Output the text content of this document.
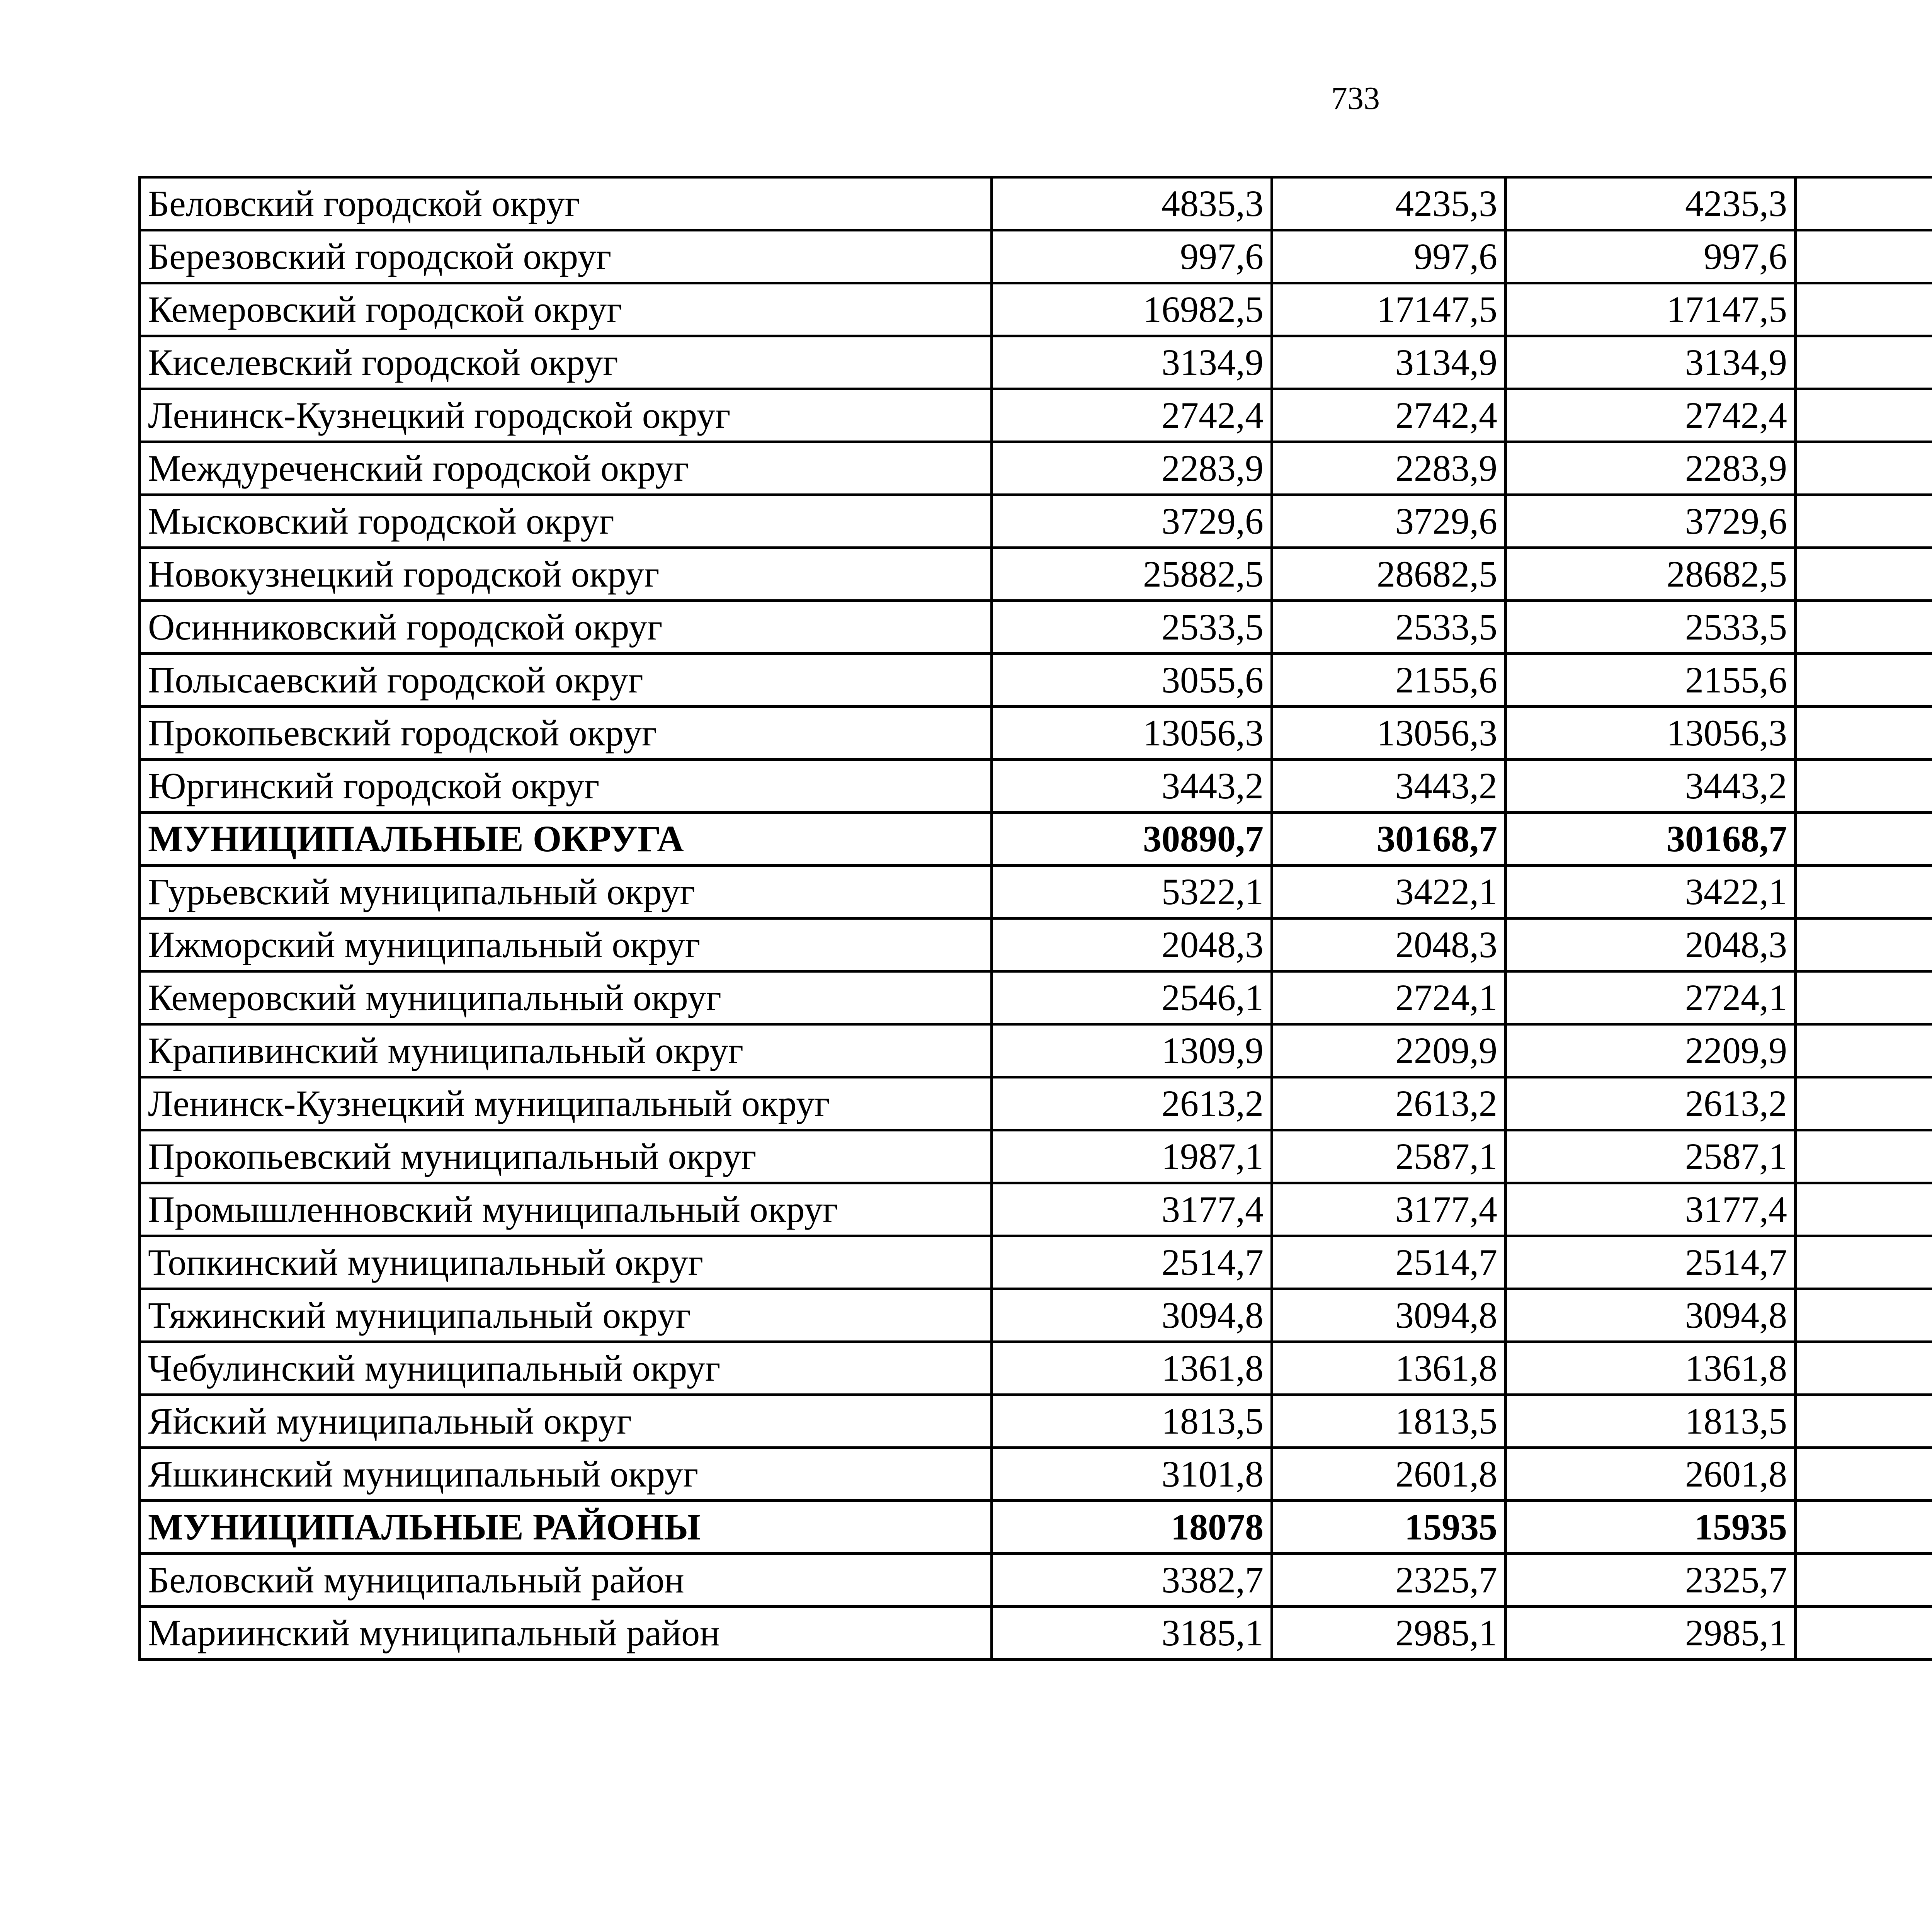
733
Беловский городской округ	4835,3	4235,3	4235,3			
Березовский городской округ	997,6	997,6	997,6			
Кемеровский городской округ	16982,5	17147,5	17147,5			
Киселевский городской округ	3134,9	3134,9	3134,9			
Ленинск-Кузнецкий городской округ	2742,4	2742,4	2742,4			
Междуреченский городской округ	2283,9	2283,9	2283,9			
Мысковский городской округ	3729,6	3729,6	3729,6			
Новокузнецкий городской округ	25882,5	28682,5	28682,5			
Осинниковский городской округ	2533,5	2533,5	2533,5			
Полысаевский городской округ	3055,6	2155,6	2155,6			
Прокопьевский городской округ	13056,3	13056,3	13056,3			
Юргинский городской округ	3443,2	3443,2	3443,2			
МУНИЦИПАЛЬНЫЕ ОКРУГА	30890,7	30168,7	30168,7			
Гурьевский муниципальный округ	5322,1	3422,1	3422,1			
Ижморский муниципальный округ	2048,3	2048,3	2048,3			
Кемеровский муниципальный округ	2546,1	2724,1	2724,1			
Крапивинский муниципальный округ	1309,9	2209,9	2209,9			
Ленинск-Кузнецкий муниципальный округ	2613,2	2613,2	2613,2			
Прокопьевский муниципальный округ	1987,1	2587,1	2587,1			
Промышленновский муниципальный округ	3177,4	3177,4	3177,4			
Топкинский муниципальный округ	2514,7	2514,7	2514,7			
Тяжинский муниципальный округ	3094,8	3094,8	3094,8			
Чебулинский муниципальный округ	1361,8	1361,8	1361,8			
Яйский муниципальный округ	1813,5	1813,5	1813,5			
Яшкинский муниципальный округ	3101,8	2601,8	2601,8			
МУНИЦИПАЛЬНЫЕ РАЙОНЫ	18078	15935	15935			
Беловский муниципальный район	3382,7	2325,7	2325,7			
Мариинский муниципальный район	3185,1	2985,1	2985,1			
